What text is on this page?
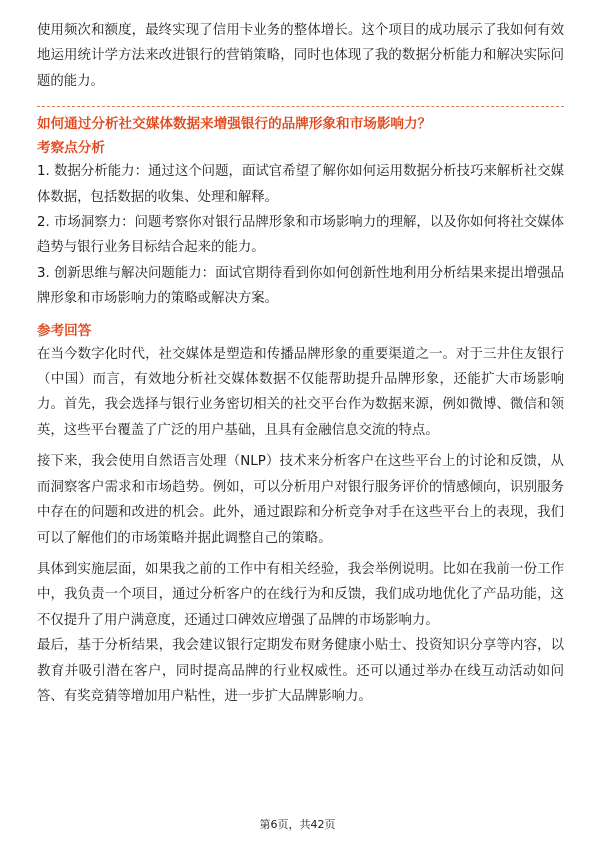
使用频次和额度，最终实现了信用卡业务的整体增长。这个项目的成功展示了我如何有效地运用统计学方法来改进银行的营销策略，同时也体现了我的数据分析能力和解决实际问题的能力。

如何通过分析社交媒体数据来增强银行的品牌形象和市场影响力？

考察点分析

1. 数据分析能力：通过这个问题，面试官希望了解你如何运用数据分析技巧来解析社交媒体数据，包括数据的收集、处理和解释。

2. 市场洞察力：问题考察你对银行品牌形象和市场影响力的理解，以及你如何将社交媒体趋势与银行业务目标结合起来的能力。

3. 创新思维与解决问题能力：面试官期待看到你如何创新性地利用分析结果来提出增强品牌形象和市场影响力的策略或解决方案。

参考回答

在当今数字化时代，社交媒体是塑造和传播品牌形象的重要渠道之一。对于三井住友银行（中国）而言，有效地分析社交媒体数据不仅能帮助提升品牌形象，还能扩大市场影响力。首先，我会选择与银行业务密切相关的社交平台作为数据来源，例如微博、微信和领英，这些平台覆盖了广泛的用户基础，且具有金融信息交流的特点。

接下来，我会使用自然语言处理（NLP）技术来分析客户在这些平台上的讨论和反馈，从而洞察客户需求和市场趋势。例如，可以分析用户对银行服务评价的情感倾向，识别服务中存在的问题和改进的机会。此外，通过跟踪和分析竞争对手在这些平台上的表现，我们可以了解他们的市场策略并据此调整自己的策略。

具体到实施层面，如果我之前的工作中有相关经验，我会举例说明。比如在我前一份工作中，我负责一个项目，通过分析客户的在线行为和反馈，我们成功地优化了产品功能，这不仅提升了用户满意度，还通过口碑效应增强了品牌的市场影响力。

最后，基于分析结果，我会建议银行定期发布财务健康小贴士、投资知识分享等内容，以教育并吸引潜在客户，同时提高品牌的行业权威性。还可以通过举办在线互动活动如问答、有奖竞猜等增加用户粘性，进一步扩大品牌影响力。

第6页，共42页
